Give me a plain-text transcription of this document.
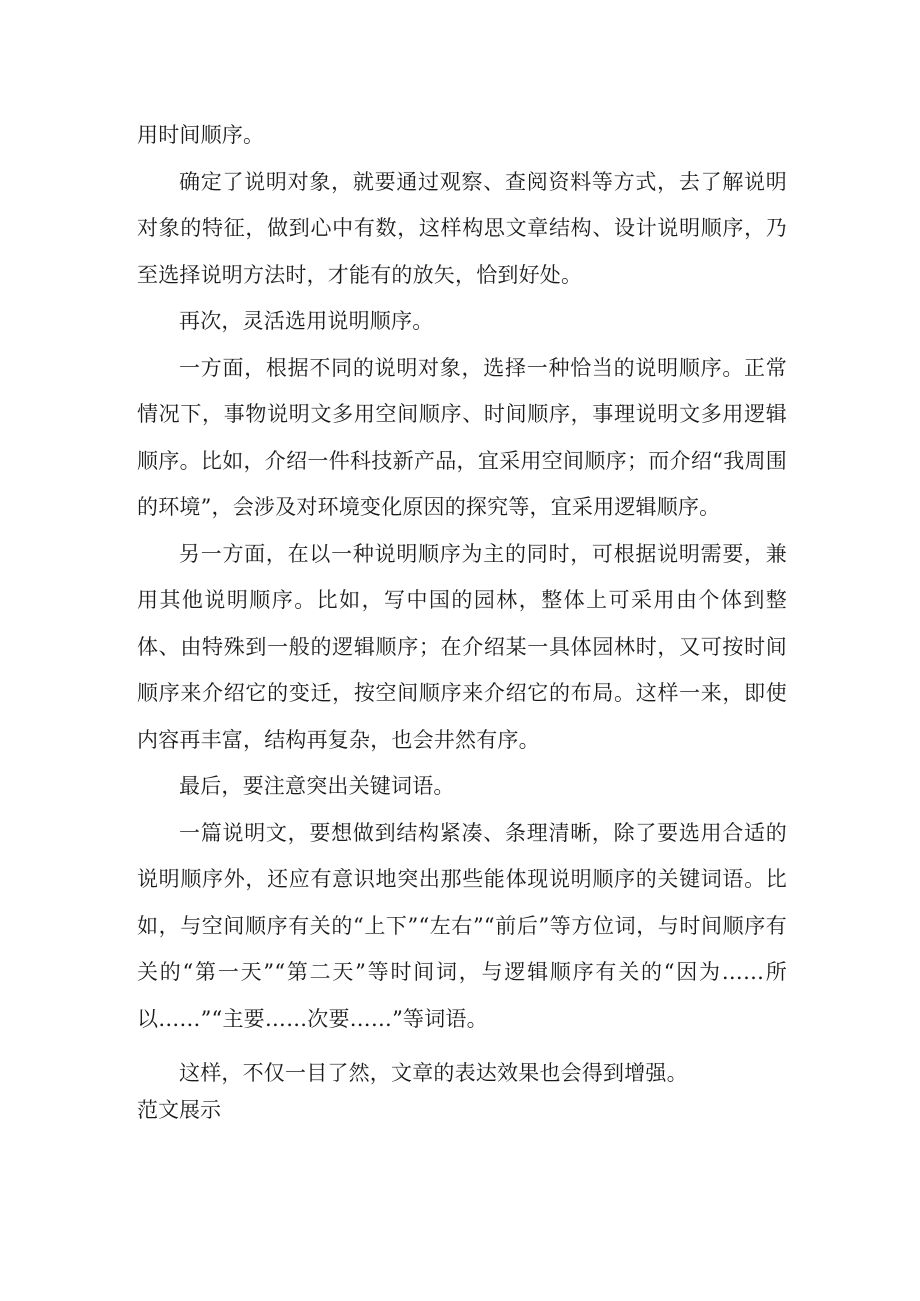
用时间顺序。

确定了说明对象，就要通过观察、查阅资料等方式，去了解说明对象的特征，做到心中有数，这样构思文章结构、设计说明顺序，乃至选择说明方法时，才能有的放矢，恰到好处。

再次，灵活选用说明顺序。

一方面，根据不同的说明对象，选择一种恰当的说明顺序。正常情况下，事物说明文多用空间顺序、时间顺序，事理说明文多用逻辑顺序。比如，介绍一件科技新产品，宜采用空间顺序；而介绍“我周围的环境”，会涉及对环境变化原因的探究等，宜采用逻辑顺序。

另一方面，在以一种说明顺序为主的同时，可根据说明需要，兼用其他说明顺序。比如，写中国的园林，整体上可采用由个体到整体、由特殊到一般的逻辑顺序；在介绍某一具体园林时，又可按时间顺序来介绍它的变迁，按空间顺序来介绍它的布局。这样一来，即使内容再丰富，结构再复杂，也会井然有序。

最后，要注意突出关键词语。

一篇说明文，要想做到结构紧凑、条理清晰，除了要选用合适的说明顺序外，还应有意识地突出那些能体现说明顺序的关键词语。比如，与空间顺序有关的“上下”“左右”“前后”等方位词，与时间顺序有关的“第一天”“第二天”等时间词，与逻辑顺序有关的“因为……所以……”“主要……次要……”等词语。

这样，不仅一目了然，文章的表达效果也会得到增强。

范文展示
